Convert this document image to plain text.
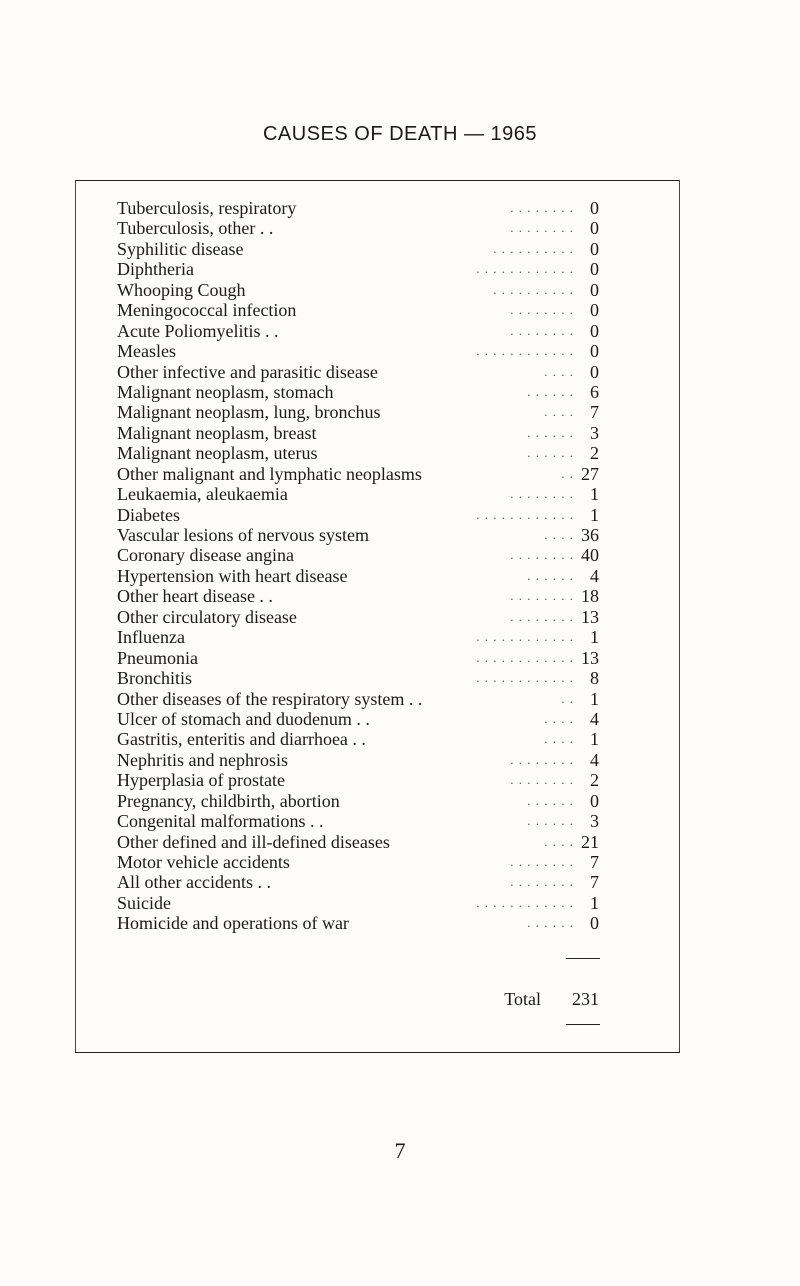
CAUSES OF DEATH — 1965
Tuberculosis, respiratory	. . . . . . . . 0
Tuberculosis, other . .	. . . . . . . . 0
Syphilitic disease	. . . . . . . . . . 0
Diphtheria	. . . . . . . . . . . . 0
Whooping Cough	. . . . . . . . . . 0
Meningococcal infection	. . . . . . . . 0
Acute Poliomyelitis . .	. . . . . . . . 0
Measles	. . . . . . . . . . . . 0
Other infective and parasitic disease	. . . . 0
Malignant neoplasm, stomach	. . . . . . 6
Malignant neoplasm, lung, bronchus	. . . . 7
Malignant neoplasm, breast	. . . . . . 3
Malignant neoplasm, uterus	. . . . . . 2
Other malignant and lymphatic neoplasms	. . 27
Leukaemia, aleukaemia	. . . . . . . . 1
Diabetes	. . . . . . . . . . . . 1
Vascular lesions of nervous system	. . . . 36
Coronary disease angina	. . . . . . . . 40
Hypertension with heart disease	. . . . . . 4
Other heart disease . .	. . . . . . . . 18
Other circulatory disease	. . . . . . . . 13
Influenza	. . . . . . . . . . . . 1
Pneumonia	. . . . . . . . . . . . 13
Bronchitis	. . . . . . . . . . . . 8
Other diseases of the respiratory system . .	. . 1
Ulcer of stomach and duodenum . .	. . . . 4
Gastritis, enteritis and diarrhoea . .	. . . . 1
Nephritis and nephrosis	. . . . . . . . 4
Hyperplasia of prostate	. . . . . . . . 2
Pregnancy, childbirth, abortion	. . . . . . 0
Congenital malformations . .	. . . . . . 3
Other defined and ill-defined diseases	. . . . 21
Motor vehicle accidents	. . . . . . . . 7
All other accidents . .	. . . . . . . . 7
Suicide	. . . . . . . . . . . . 1
Homicide and operations of war	. . . . . . 0
Total 231
7
